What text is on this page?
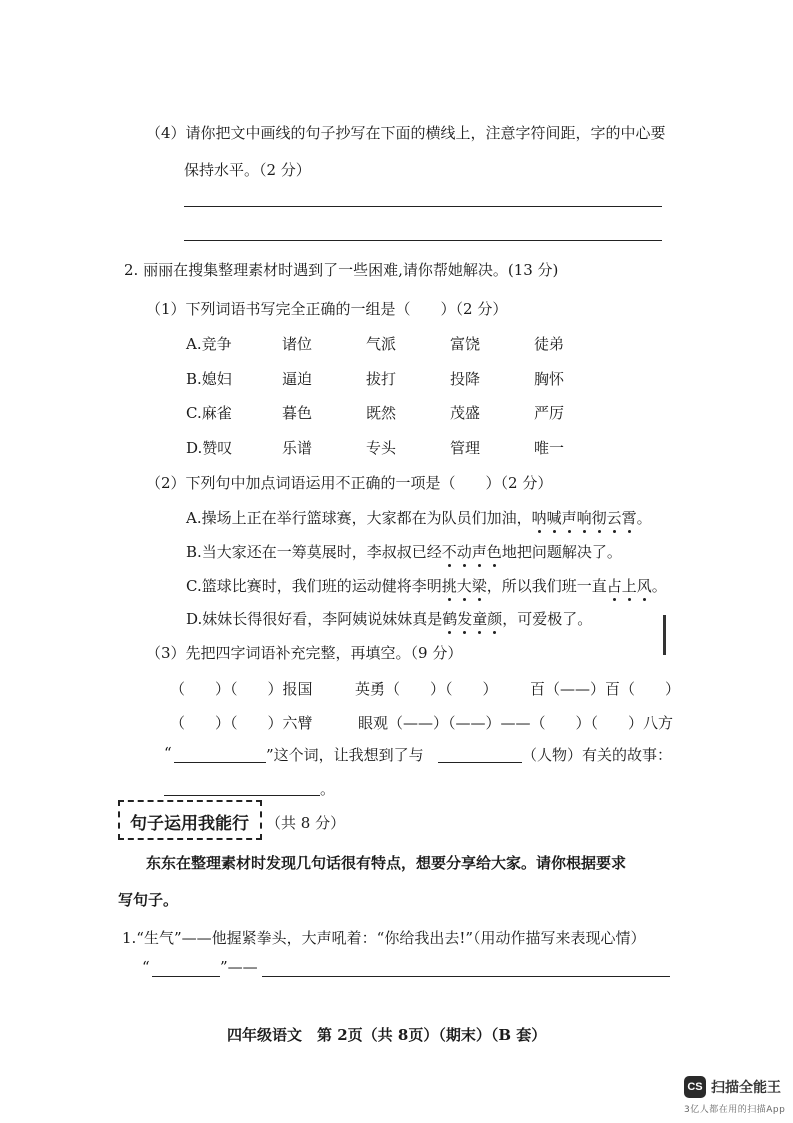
（4）请你把文中画线的句子抄写在下面的横线上，注意字符间距，字的中心要
保持水平。（2 分）
2. 丽丽在搜集整理素材时遇到了一些困难,请你帮她解决。(13 分)
（1）下列词语书写完全正确的一组是（　　）（2 分）
A.竞争	诸位	气派	富饶	徒弟
B.媳妇	逼迫	拔打	投降	胸怀
C.麻雀	暮色	既然	茂盛	严厉
D.赞叹	乐谱	专头	管理	唯一
（2）下列句中加点词语运用不正确的一项是（　　）（2 分）
A.操场上正在举行篮球赛，大家都在为队员们加油，呐喊声响彻云霄
。
B.当大家还在一筹莫展时，李叔叔已经不动声色
地把问题解决了。
C.篮球比赛时，我们班的运动健将李明挑大梁
，所以我们班一直占上风
。
D.妹妹长得很好看，李阿姨说妹妹真是鹤发童颜
，可爱极了。
（3）先把四字词语补充完整，再填空。（9 分）
（　　）（　　）报国	英勇（　　）（　　） 百（——）百（　　）
（　　）（　　）六臂	眼观（——）（——）——（　　）（　　）八方
“	”这个词，让我想到了与	（人物）有关的故事：
。
句子运用我能行 （共 8 分）
东东在整理素材时发现几句话很有特点，想要分享给大家。请你根据要求
写句子。
1.“生气”——他握紧拳头，大声吼着：“你给我出去!”（用动作描写来表现心情）
“	”——
四年级语文　第 2页（共 8页）（期末）（B 套）
CS 扫描全能王
3亿人都在用的扫描App
